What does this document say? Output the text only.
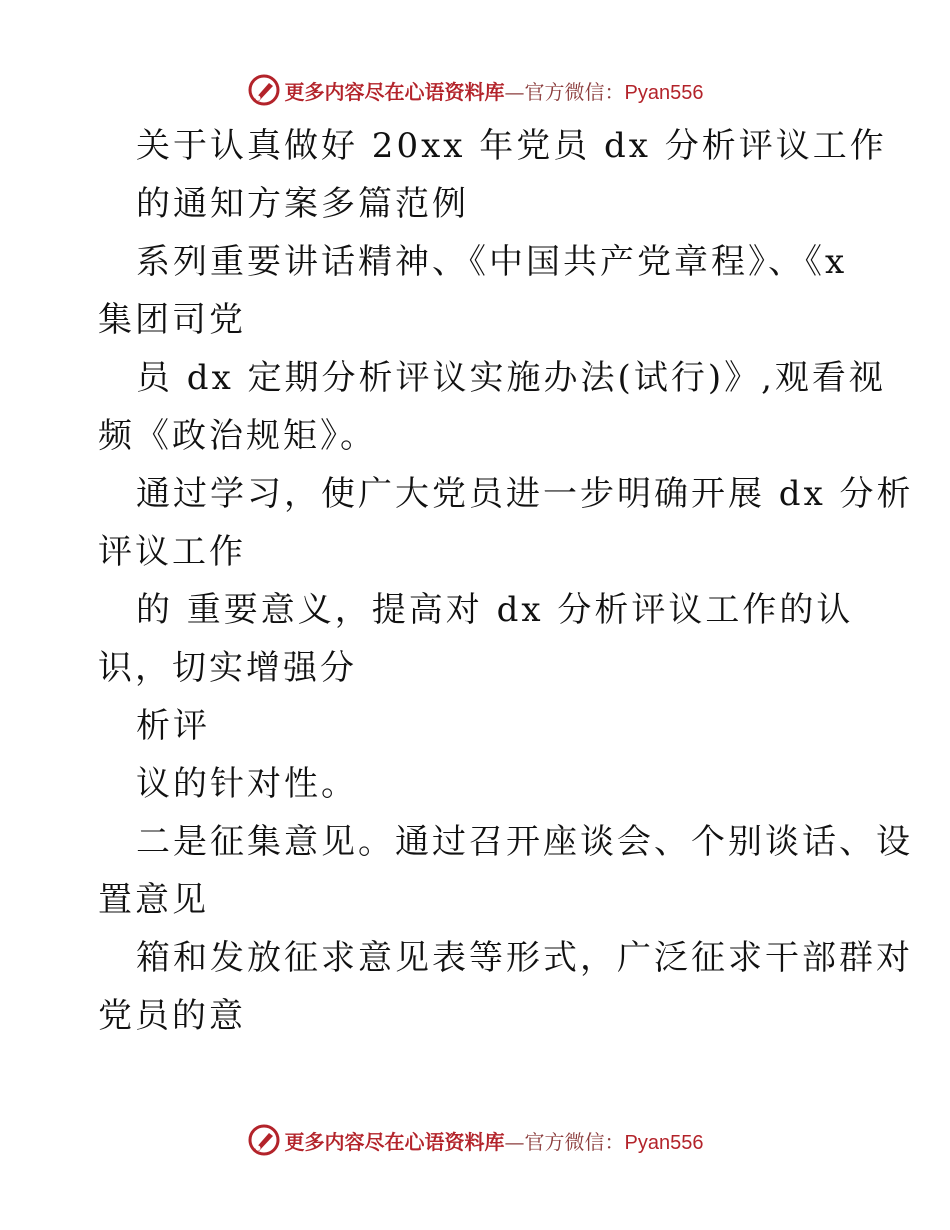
更多内容尽在心语资料库—官方微信：Pyan556
关于认真做好 20xx 年党员 dx 分析评议工作
的通知方案多篇范例
系列重要讲话精神、《中国共产党章程》、《x
集团司党
员 dx 定期分析评议实施办法(试行)》,观看视
频《政治规矩》。
通过学习，使广大党员进一步明确开展 dx 分析
评议工作
的 重要意义，提高对 dx 分析评议工作的认
识，切实增强分
析评
议的针对性。
二是征集意见。通过召开座谈会、个别谈话、设
置意见
箱和发放征求意见表等形式，广泛征求干部群对
党员的意
更多内容尽在心语资料库—官方微信：Pyan556
